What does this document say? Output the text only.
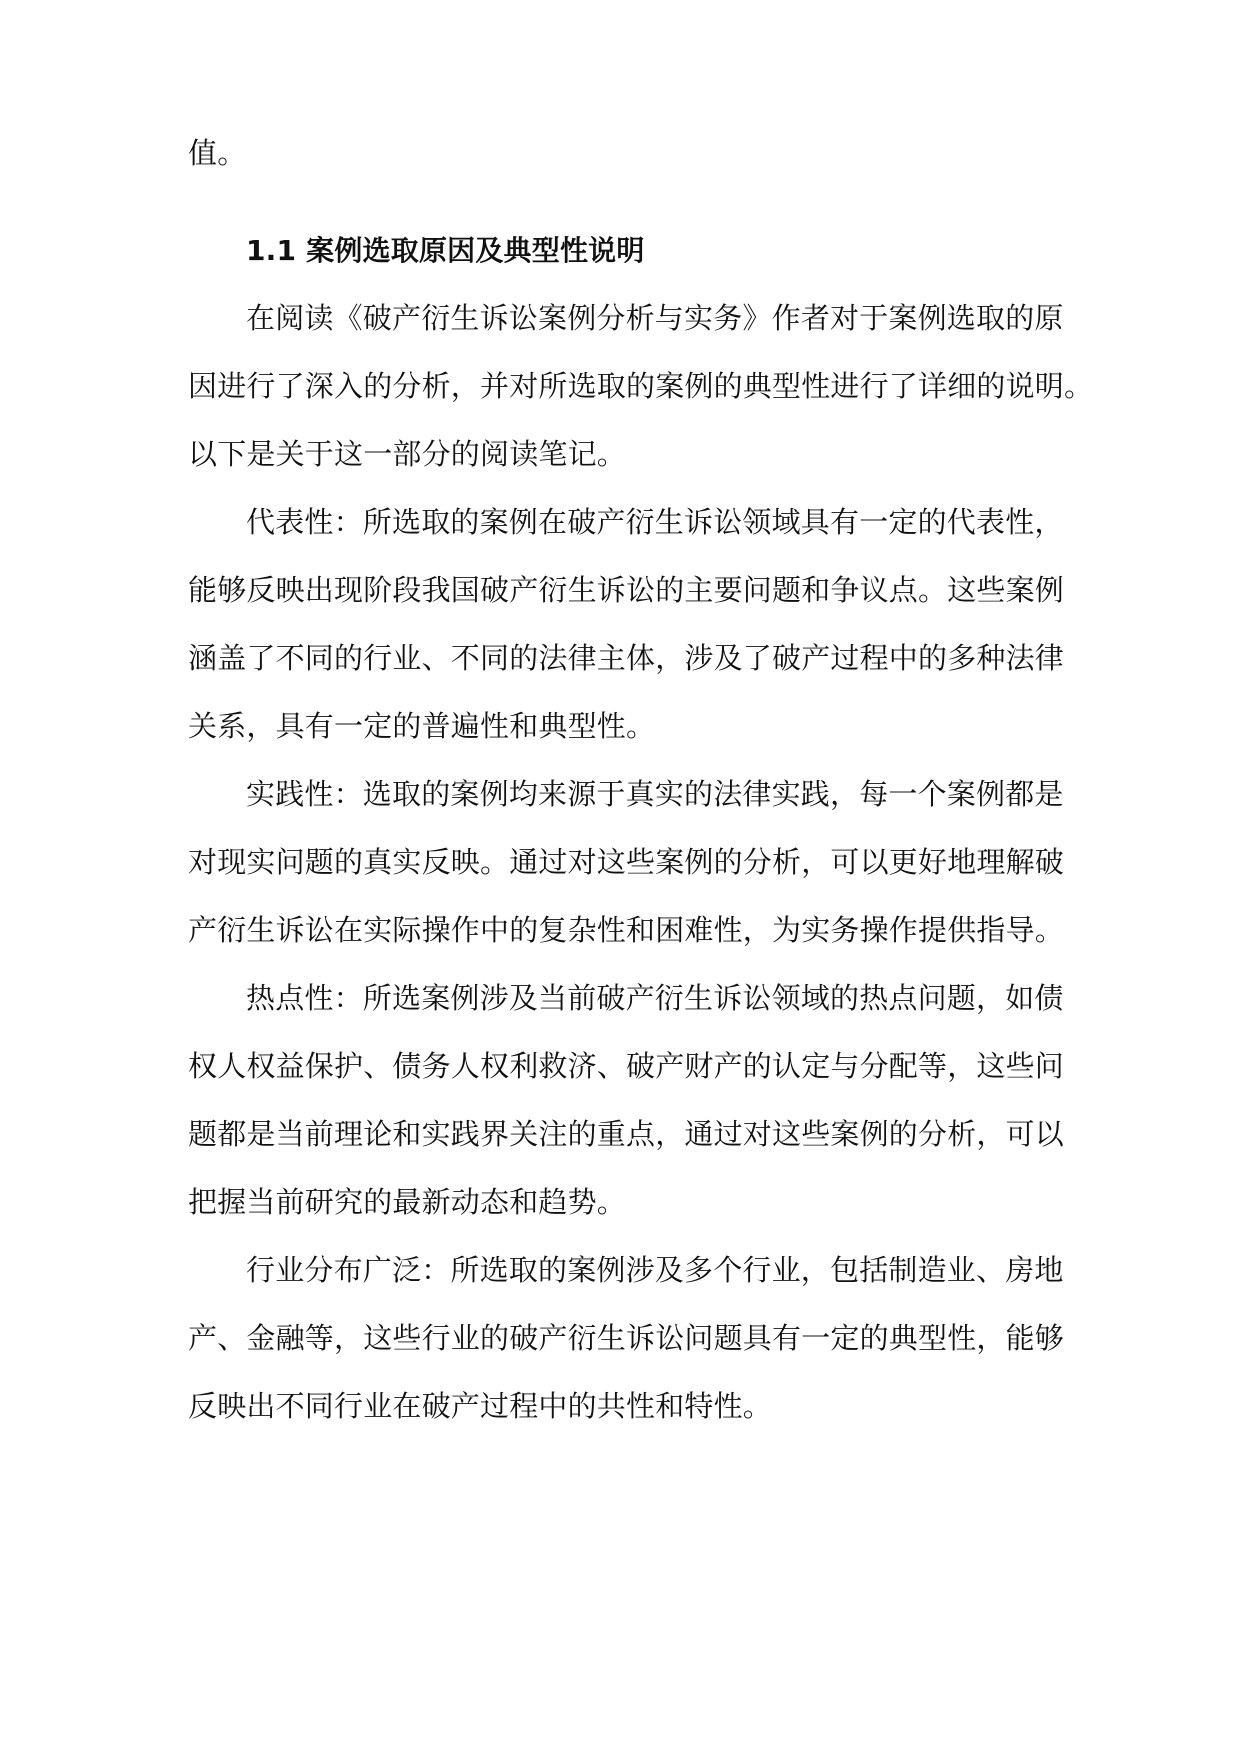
值。
1.1 案例选取原因及典型性说明
在阅读《破产衍生诉讼案例分析与实务》作者对于案例选取的原
因进行了深入的分析，并对所选取的案例的典型性进行了详细的说明。
以下是关于这一部分的阅读笔记。
代表性：所选取的案例在破产衍生诉讼领域具有一定的代表性，
能够反映出现阶段我国破产衍生诉讼的主要问题和争议点。这些案例
涵盖了不同的行业、不同的法律主体，涉及了破产过程中的多种法律
关系，具有一定的普遍性和典型性。
实践性：选取的案例均来源于真实的法律实践，每一个案例都是
对现实问题的真实反映。通过对这些案例的分析，可以更好地理解破
产衍生诉讼在实际操作中的复杂性和困难性，为实务操作提供指导。
热点性：所选案例涉及当前破产衍生诉讼领域的热点问题，如债
权人权益保护、债务人权利救济、破产财产的认定与分配等，这些问
题都是当前理论和实践界关注的重点，通过对这些案例的分析，可以
把握当前研究的最新动态和趋势。
行业分布广泛：所选取的案例涉及多个行业，包括制造业、房地
产、金融等，这些行业的破产衍生诉讼问题具有一定的典型性，能够
反映出不同行业在破产过程中的共性和特性。
